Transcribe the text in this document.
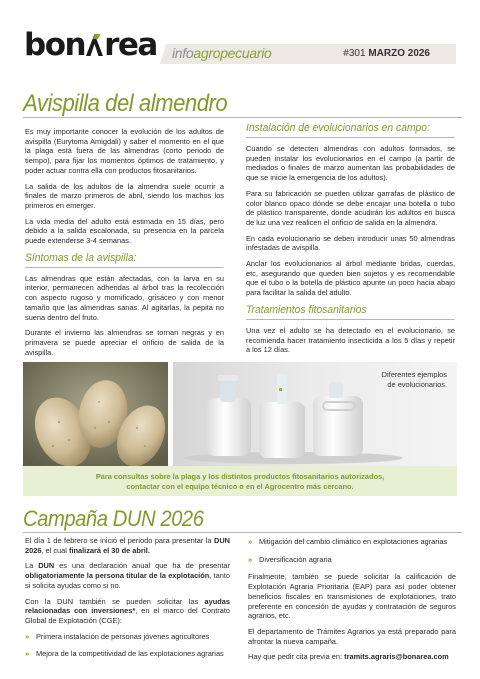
bon rea infoagropecuario	#301 MARZO 2026
Avispilla del almendro

Es muy importante conocer la evolución de los adultos de avispilla (Eurytoma Amigdali) y saber el momento en el que la plaga está fuera de las almendras (corto periodo de tiempo), para fijar los momentos óptimos de tratamiento, y poder actuar contra ella con productos fitosanitarios.

La salida de los adultos de la almendra suele ocurrir a finales de marzo primeros de abril, siendo los machos los primeros en emerger.

La vida media del adulto está estimada en 15 días, pero debido a la salida escalonada, su presencia en la parcela puede extenderse 3-4 semanas.

Síntomas de la avispilla:

Las almendras que están afectadas, con la larva en su interior, permanecen adheridas al árbol tras la recolección con aspecto rugoso y momificado, grisáceo y con menor tamaño que las almendras sanas. Al agitarlas, la pepita no suena dentro del fruto.

Durante el invierno las almendras se tornan negras y en primavera se puede apreciar el orificio de salida de la avispilla.

Instalación de evolucionarios en campo:

Cuando se detecten almendras con adultos formados, se pueden instalar los evolucionarios en el campo (a partir de mediados o finales de marzo aumentan las probabilidades de que se inicie la emergencia de los adultos).

Para su fabricación se pueden utilizar garrafas de plástico de color blanco opaco dónde se debe encajar una botella o tubo de plástico transparente, donde acudirán los adultos en busca de luz una vez realicen el orificio de salida en la almendra.

En cada evolucionario se deben introducir unas 50 almendras infestadas de avispilla.

Anclar los evolucionarios al árbol mediante bridas, cuerdas, etc, asegurando que queden bien sujetos y es recomendable que el tubo o la botella de plástico apunte un poco hacia abajo para facilitar la salida del adulto.

Tratamientos fitosanitarios

Una vez el adulto se ha detectado en el evolucionario, se recomienda hacer tratamiento insecticida a los 5 días y repetir a los 12 días.

Diferentes ejemplos de evolucionarios.
Para consultas sobre la plaga y los distintos productos fitosanitarios autorizados,
contactar con el equipo técnico o en el Agrocentro más cercano.
Campaña DUN 2026

El día 1 de febrero se inició el periodo para presentar la DUN 2026, el cual finalizará el 30 de abril.

La DUN es una declaración anual que ha de presentar obligatoriamente la persona titular de la explotación, tanto si solicita ayudas como si no.

Con la DUN también se pueden solicitar las ayudas relacionadas con inversiones*, en el marco del Contrato Global de Explotación (CGE):

» Primera instalación de personas jóvenes agricultores
» Mejora de la competitividad de las explotaciones agrarias
» Mitigación del cambio climático en explotaciones agrarias
» Diversificación agraria

Finalmente, también se puede solicitar la calificación de Explotación Agraria Prioritaria (EAP) para así poder obtener beneficios fiscales en transmisiones de explotaciones, trato preferente en concesión de ayudas y contratación de seguros agrarios, etc.

El departamento de Trámites Agrarios ya está preparado para afrontar la nueva campaña.

Hay que pedir cita previa en: tramits.agraris@bonarea.com
